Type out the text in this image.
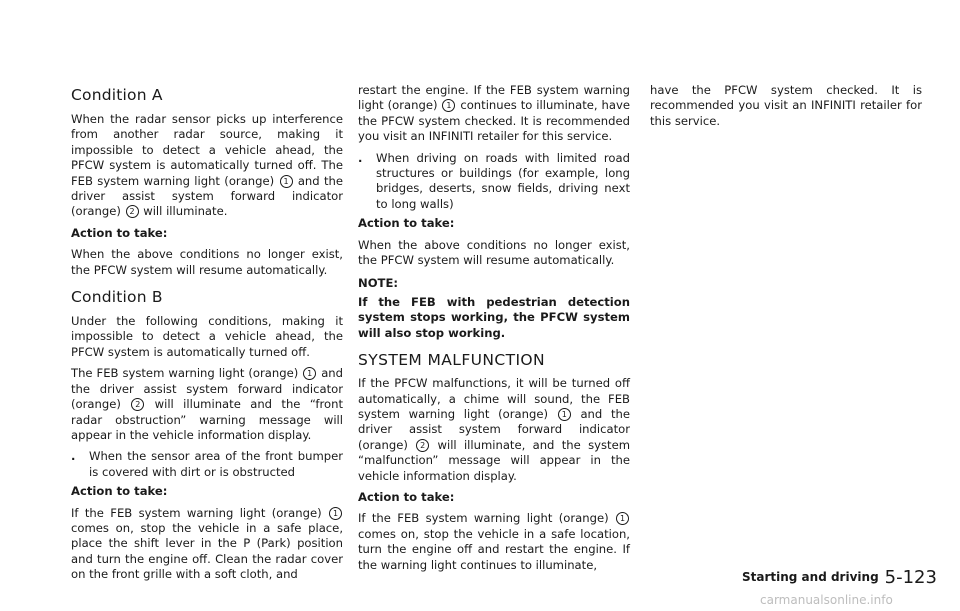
Condition A

When the radar sensor picks up interference from another radar source, making it impossible to detect a vehicle ahead, the PFCW system is automatically turned off. The FEB system warning light (orange) 1 and the driver assist system forward indicator (orange) 2 will illuminate.

Action to take:

When the above conditions no longer exist, the PFCW system will resume automatically.

Condition B

Under the following conditions, making it impossible to detect a vehicle ahead, the PFCW system is automatically turned off.

The FEB system warning light (orange) 1 and the driver assist system forward indicator (orange) 2 will illuminate and the “front radar obstruction” warning message will appear in the vehicle information display.

. When the sensor area of the front bumper is covered with dirt or is obstructed

Action to take:

If the FEB system warning light (orange) 1 comes on, stop the vehicle in a safe place, place the shift lever in the P (Park) position and turn the engine off. Clean the radar cover on the front grille with a soft cloth, and

restart the engine. If the FEB system warning light (orange) 1 continues to illuminate, have the PFCW system checked. It is recommended you visit an INFINITI retailer for this service.

. When driving on roads with limited road structures or buildings (for example, long bridges, deserts, snow fields, driving next to long walls)

Action to take:

When the above conditions no longer exist, the PFCW system will resume automatically.

NOTE:

If the FEB with pedestrian detection system stops working, the PFCW system will also stop working.

SYSTEM MALFUNCTION

If the PFCW malfunctions, it will be turned off automatically, a chime will sound, the FEB system warning light (orange) 1 and the driver assist system forward indicator (orange) 2 will illuminate, and the system “malfunction” message will appear in the vehicle information display.

Action to take:

If the FEB system warning light (orange) 1 comes on, stop the vehicle in a safe location, turn the engine off and restart the engine. If the warning light continues to illuminate,

have the PFCW system checked. It is recommended you visit an INFINITI retailer for this service.

Starting and driving 5-123
carmanualsonline.info
